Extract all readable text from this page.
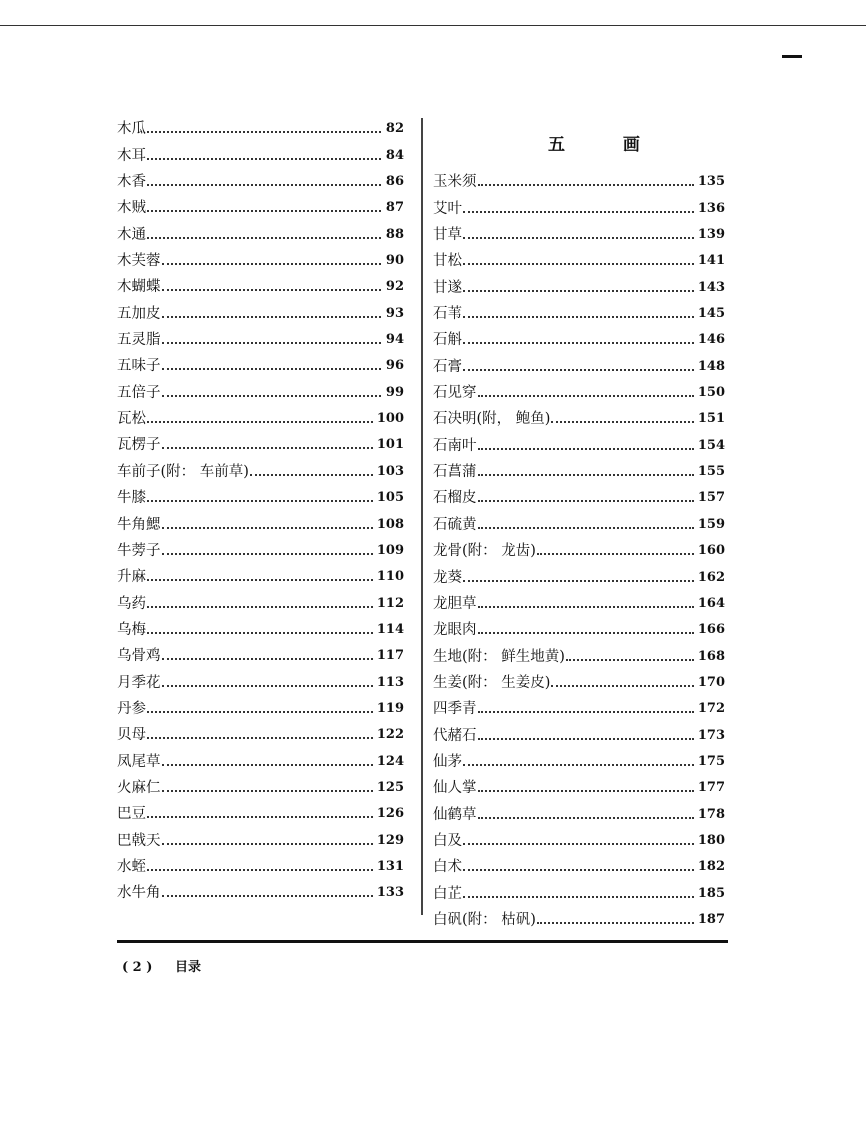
木瓜	82
木耳	84
木香	86
木贼	87
木通	88
木芙蓉	90
木蝴蝶	92
五加皮	93
五灵脂	94
五味子	96
五倍子	99
瓦松	100
瓦楞子	101
车前子(附： 车前草)	103
牛膝	105
牛角鰓	108
牛蒡子	109
升麻	110
乌药	112
乌梅	114
乌骨鸡	117
月季花	113
丹参	119
贝母	122
凤尾草	124
火麻仁	125
巴豆	126
巴戟天	129
水蛭	131
水牛角	133
五 画
玉米须	135
艾叶	136
甘草	139
甘松	141
甘遂	143
石苇	145
石斛	146
石膏	148
石见穿	150
石决明(附， 鲍鱼)	151
石南叶	154
石菖蒲	155
石榴皮	157
石硫黄	159
龙骨(附： 龙齿)	160
龙葵	162
龙胆草	164
龙眼肉	166
生地(附： 鲜生地黄)	168
生姜(附： 生姜皮)	170
四季青	172
代赭石	173
仙茅	175
仙人掌	177
仙鹤草	178
白及	180
白术	182
白芷	185
白矾(附： 枯矾)	187
( 2 ) 目录
